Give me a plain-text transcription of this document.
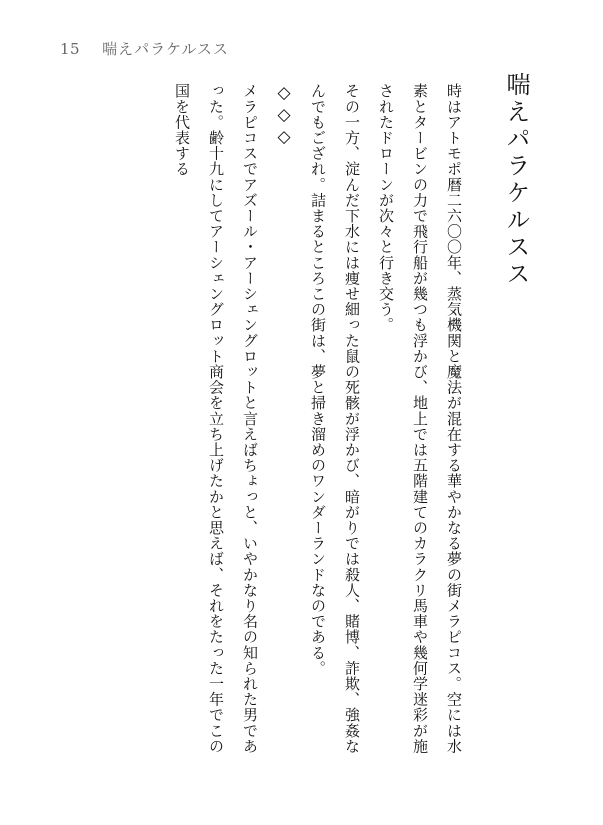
15 喘えパラケルスス
喘えパラケルスス

時はアトモポ暦二六〇〇年、蒸気機関と魔法が混在する華やかなる夢の街メラピコス。空には水素とタービンの力で飛行船が幾つも浮かび、地上では五階建てのカラクリ馬車や幾何学迷彩が施されたドローンが次々と行き交う。

その一方、淀んだ下水には痩せ細った鼠の死骸が浮かび、暗がりでは殺人、賭博、詐欺、強姦なんでもござれ。詰まるところこの街は、夢と掃き溜めのワンダーランドなのである。

◇◇◇

メラピコスでアズール・アーシェングロットと言えばちょっと、いやかなり名の知られた男であった。齢十九にしてアーシェングロット商会を立ち上げたかと思えば、それをたった一年でこの国を代表する
